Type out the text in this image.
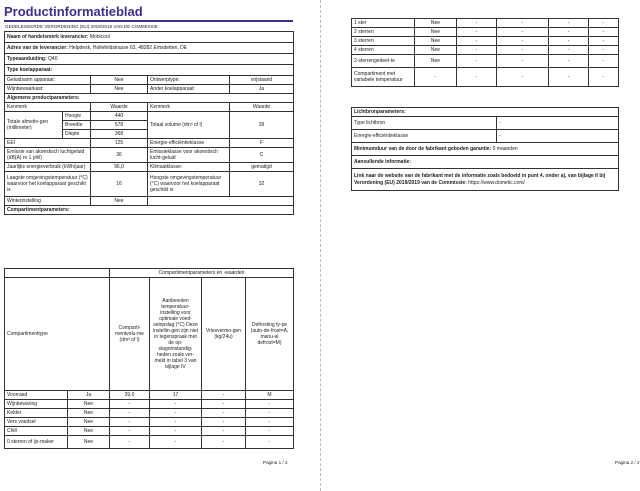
Productinformatieblad
GEDELEGEERDE VERORDENING (EU) 2019/2016 VAN DE COMMISSIE
Naam of handelsmerk leverancier: Mobicool				
Adres van de leverancier: Helpdesk, Hollefeldstrasse 63, 48282 Emsdetten, DE				
Typeaanduiding: Q40				
Type koelapparaat:				
Geluidsarm apparaat:		Nee	Ontwerptype:	vrijstaand
Wijnbewaarkast:		Nee	Ander koelapparaat:	Ja
Algemene productparameters:				
Kenmerk		Waarde	Kenmerk	Waarde
Totale afmetin-gen (millimeter)	Hoogte	440	Totaal volume (dm³ of l)	39
	Breedte	578		
	Diepte	368		
EEI		125	Energie-efficiëntieklasse	F
Emissie van akoestisch luchtgeluid (dB(A) re 1 pW)		36	Emissieklasse voor akoestisch lucht-geluid	C
Jaarlijks energieverbruik (kWh/jaar)		96,0	Klimaatklasse:	gematigd
Laagste omgevingstemperatuur (°C) waarvoor het koelapparaat geschikt is		16	Hoogste omgevingstemperatuur (°C) waarvoor het koelapparaat geschikt is	32
Winterinstelling		Nee		
Compartimentparameters:				
		Compartimentparameters en -waarden			
Compartimenttype		Comparti-mentvolu-me (dm³ of l)	Aanbevolen temperatuur-instelling voor optimale voed-selopslag (°C) Deze instellin-gen zijn niet in tegenspraak met de op-slagomstandig-heden zoals ver-meld in tabel 3 van bijlage IV	Vriesvermo-gen (kg/24u)	Defrosting ty-pe (auto-de-frost=A, manu-al defrost=M)
Voorraad	Ja	39,0	17	-	M
Wijnbewaring	Nee	-	-	-	-
Kelder	Nee	-	-	-	-
Vers voedsel	Nee	-	-	-	-
Chill	Nee	-	-	-	-
0 sterren of ijs-maker	Nee	-	-	-	-
Pagina 1 / 2
1 ster	Nee	-	-	-	-
2 sterren	Nee	-	-	-	-
3 sterren	Nee	-	-	-	-
4 sterren	Nee	-	-	-	-
2-sterrengedeel-te	Nee	-	-	-	-
Compartiment met variabele temperatuur	-	-	-	-	-
Lichtbronparameters:	
Type lichtbron	-
Energie-efficiëntieklasse	-
Minimumduur van de door de fabrikant geboden garantie: 0 maanden	
Aanvullende informatie:	
Link naar de website van de fabrikant met de informatie zoals bedoeld in punt 4, onder a), van bijlage II bij Verordening (EU) 2019/2019 van de Commissie: https://www.dometic.com/	
Pagina 2 / 2
